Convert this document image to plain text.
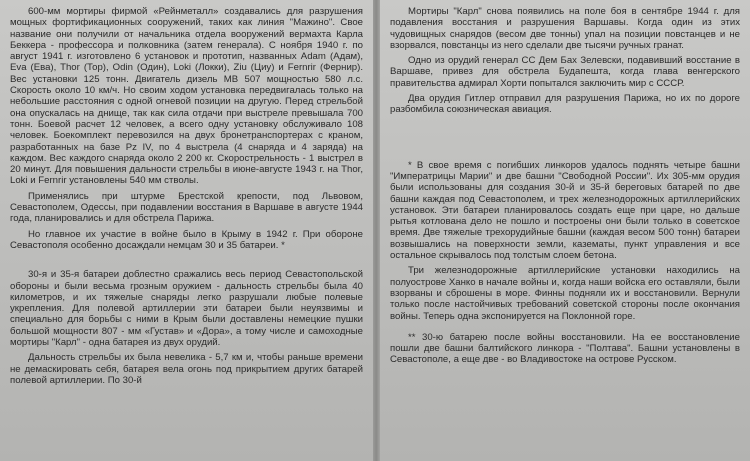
600-мм мортиры фирмой «Рейнметалл» создавались для разрушения мощных фортификационных сооружений, таких как линия "Мажино". Свое название они получили от начальника отдела вооружений вермахта Карла Беккера - профессора и полковника (затем генерала). С ноября 1940 г. по август 1941 г. изготовлено 6 установок и прототип, названных Adam (Адам), Eva (Ева), Thor (Тор), Odin (Один), Loki (Локки), Ziu (Циу) и Fernrir (Фернир). Вес установки 125 тонн. Двигатель дизель МВ 507 мощностью 580 л.с. Скорость около 10 км/ч. Но своим ходом установка передвигалась только на небольшие расстояния с одной огневой позиции на другую. Перед стрельбой она опускалась на днище, так как сила отдачи при выстреле превышала 700 тонн. Боевой расчет 12 человек, а всего одну установку обслуживало 108 человек. Боекомплект перевозился на двух бронетранспортерах с краном, разработанных на базе Pz IV, по 4 выстрела (4 снаряда и 4 заряда) на каждом. Вес каждого снаряда около 2 200 кг. Скорострельность - 1 выстрел в 20 минут. Для повышения дальности стрельбы в июне-августе 1943 г. на Thor, Loki и Fernrir установлены 540 мм стволы.

Применялись при штурме Брестской крепости, под Львовом, Севастополем, Одессы, при подавлении восстания в Варшаве в августе 1944 года, планировались и для обстрела Парижа.

Но главное их участие в войне было в Крыму в 1942 г. При обороне Севастополя особенно досаждали немцам 30 и 35 батареи. *

30-я и 35-я батареи доблестно сражались весь период Севастопольской обороны и были весьма грозным оружием - дальность стрельбы была 40 километров, и их тяжелые снаряды легко разрушали любые полевые укрепления. Для полевой артиллерии эти батареи были неуязвимы и специально для борьбы с ними в Крым были доставлены немецкие пушки большой мощности 807 - мм «Густав» и «Дора», а тому числе и самоходные мортиры "Карл" - одна батарея из двух орудий.

Дальность стрельбы их была невелика - 5,7 км и, чтобы раньше времени не демаскировать себя, батарея вела огонь под прикрытием других батарей полевой артиллерии. По 30-й

Мортиры "Карл" снова появились на поле боя в сентябре 1944 г. для подавления восстания и разрушения Варшавы. Когда один из этих чудовищных снарядов (весом две тонны) упал на позиции повстанцев и не взорвался, повстанцы из него сделали две тысячи ручных гранат.

Одно из орудий генерал СС Дем Бах Зелевски, подавивший восстание в Варшаве, привез для обстрела Будапешта, когда глава венгерского правительства адмирал Хорти попытался заключить мир с СССР.

Два орудия Гитлер отправил для разрушения Парижа, но их по дороге разбомбила союзническая авиация.

* В свое время с погибших линкоров удалось поднять четыре башни "Императрицы Марии" и две башни "Свободной России". Их 305-мм орудия были использованы для создания 30-й и 35-й береговых батарей по две башни каждая под Севастополем, и трех железнодорожных артиллерийских установок. Эти батареи планировалось создать еще при царе, но дальше рытья котлована дело не пошло и построены они были только в советское время. Две тяжелые трехорудийные башни (каждая весом 500 тонн) батареи возвышались на поверхности земли, казематы, пункт управления и все остальное скрывалось под толстым слоем бетона.

Три железнодорожные артиллерийские установки находились на полуострове Ханко в начале войны и, когда наши войска его оставляли, были взорваны и сброшены в море. Финны подняли их и восстановили. Вернули только после настойчивых требований советской стороны после окончания войны. Теперь одна экспонируется на Поклонной горе.

** 30-ю батарею после войны восстановили. На ее восстановление пошли две башни балтийского линкора - "Полтава". Башни установлены в Севастополе, а еще две - во Владивостоке на острове Русском.
